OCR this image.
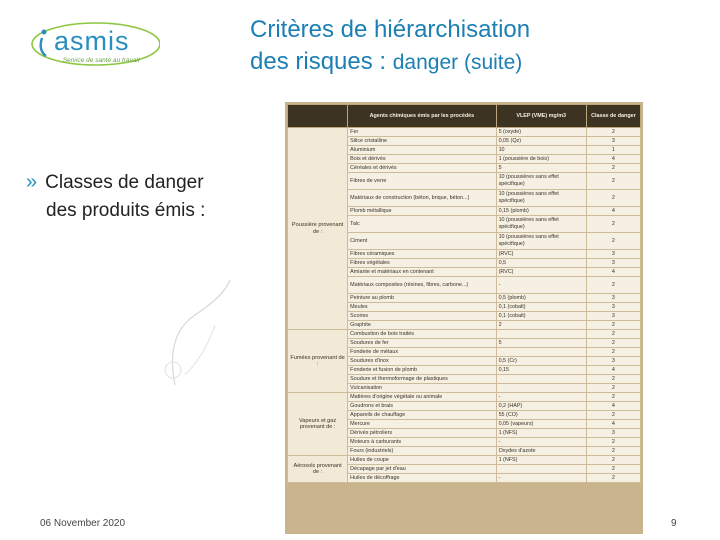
asmis
Service de santé au travail
Critères de hiérarchisation
des risques : danger (suite)
» Classes de danger
des produits émis :
	Agents chimiques émis par les procédés	VLEP (VME) mg/m3	Classe de danger
Poussière provenant de :	Fer	5 (oxyde)	2
	Silice cristalline	0,05 (Qz)	3
	Aluminium	10	1
	Bois et dérivés	1 (poussière de bois)	4
	Céréales et dérivés	5	2
	Fibres de verre	10 (poussières sans effet spécifique)	2
	Matériaux de construction (béton, brique, béton...)	10 (poussières sans effet spécifique)	2
	Plomb métallique	0,15 (plomb)	4
	Talc	10 (poussières sans effet spécifique)	2
	Ciment	10 (poussières sans effet spécifique)	2
	Fibres céramiques	(RVC)	3
	Fibres végétales	0,5	3
	Amiante et matériaux en contenant	(RVC)	4
	Matériaux composites (résines, fibres, carbone...)	-	2
	Peinture au plomb	0,5 (plomb)	3
	Meules	0,1 (cobalt)	3
	Scories	0,1 (cobalt)	3
	Graphite	2	2
Fumées provenant de :	Combustion de bois traités		2
	Soudures de fer	5	2
	Fonderie de métaux		2
	Soudures d'inox	0,5 (Cr)	3
	Fonderie et fusion de plomb	0,15	4
	Soudure et thermoformage de plastiques		2
	Vulcanisation		2
Vapeurs et gaz provenant de :	Matières d'origine végétale ou animale	-	2
	Goudrons et brais	0,2 (HAP)	4
	Appareils de chauffage	55 (CO)	2
	Mercure	0,05 (vapeurs)	4
	Dérivés pétroliers	1 (NFS)	3
	Moteurs à carburants	-	2
	Fours (industriels)	Oxydes d'azote	2
Aérosols provenant de :	Huiles de coupe	1 (NFS)	2
	Décapage par jet d'eau		2
	Huiles de décoffrage	-	2
06 November 2020	9
